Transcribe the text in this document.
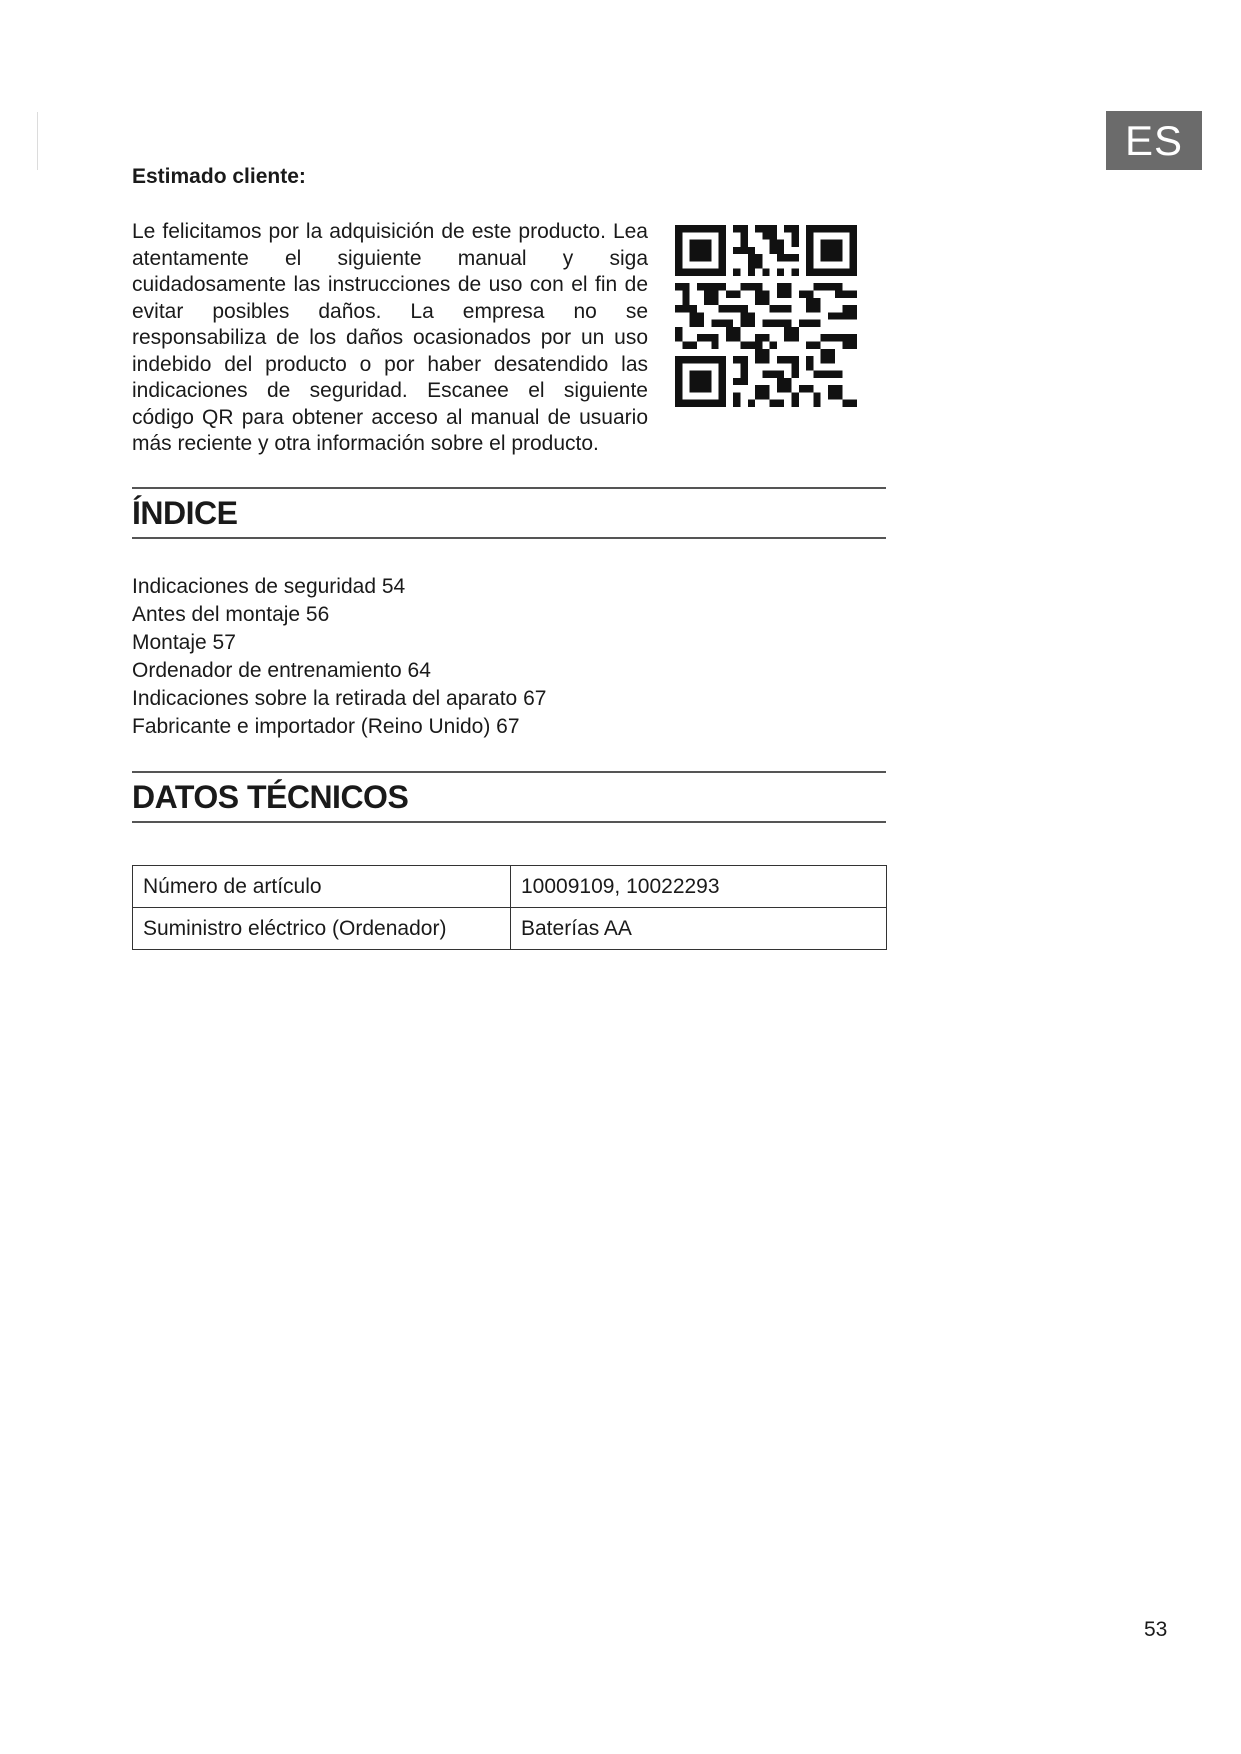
ES

Estimado cliente:

Le felicitamos por la adquisición de este producto. Lea atentamente el siguiente manual y siga cuidadosamente las instrucciones de uso con el fin de evitar posibles daños. La empresa no se responsabiliza de los daños ocasionados por un uso indebido del producto o por haber desatendido las indicaciones de seguridad. Escanee el siguiente código QR para obtener acceso al manual de usuario más reciente y otra información sobre el producto.

ÍNDICE
Indicaciones de seguridad 54
Antes del montaje 56
Montaje 57
Ordenador de entrenamiento 64
Indicaciones sobre la retirada del aparato 67
Fabricante e importador (Reino Unido) 67
DATOS TÉCNICOS
Número de artículo	10009109, 10022293
Suministro eléctrico (Ordenador)	Baterías AA
53
